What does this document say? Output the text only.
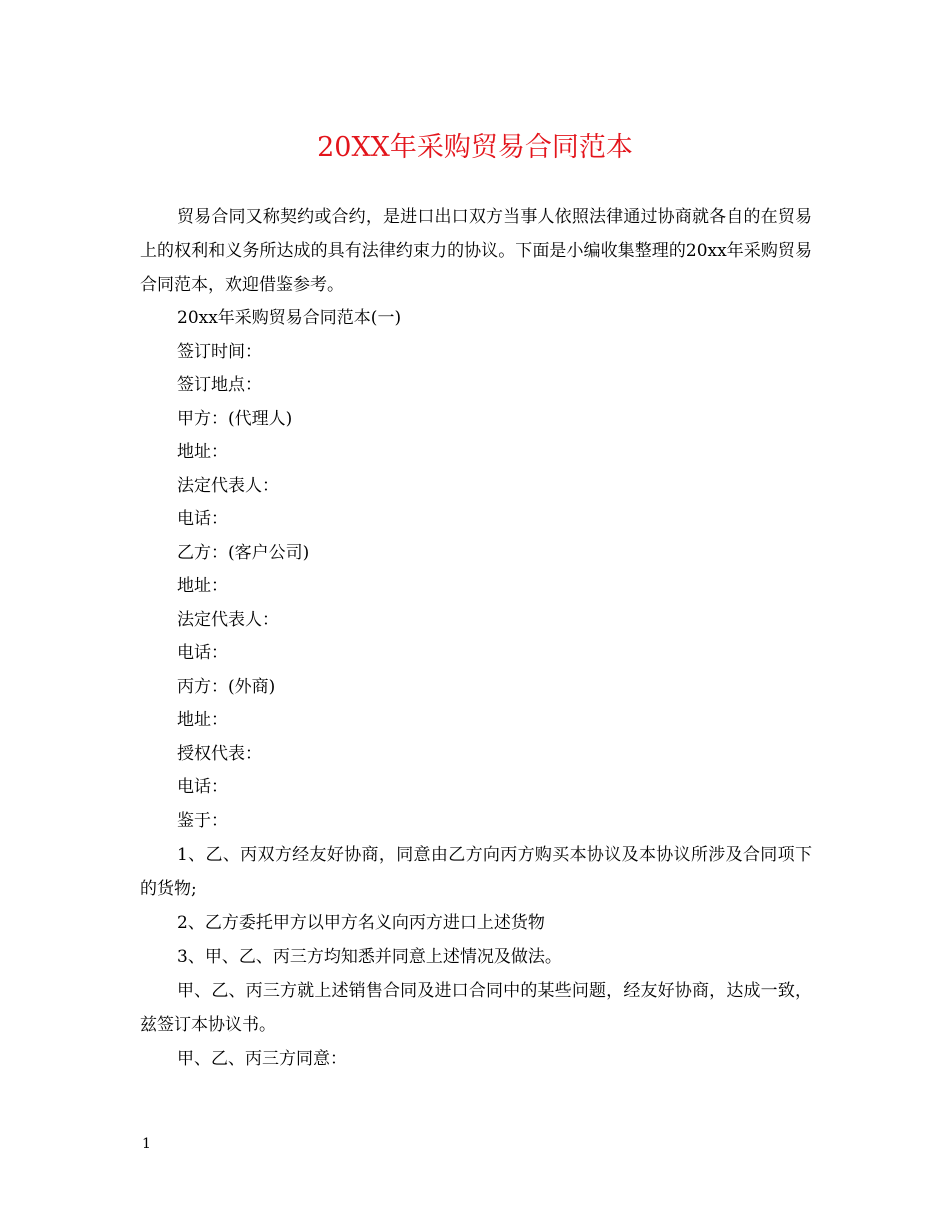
20XX年采购贸易合同范本

贸易合同又称契约或合约，是进口出口双方当事人依照法律通过协商就各自的在贸易上的权利和义务所达成的具有法律约束力的协议。下面是小编收集整理的20xx年采购贸易合同范本，欢迎借鉴参考。

20xx年采购贸易合同范本(一)

签订时间：

签订地点：

甲方：(代理人)

地址：

法定代表人：

电话：

乙方：(客户公司)

地址：

法定代表人：

电话：

丙方：(外商)

地址：

授权代表：

电话：

鉴于：

1、乙、丙双方经友好协商，同意由乙方向丙方购买本协议及本协议所涉及合同项下的货物;

2、乙方委托甲方以甲方名义向丙方进口上述货物

3、甲、乙、丙三方均知悉并同意上述情况及做法。

甲、乙、丙三方就上述销售合同及进口合同中的某些问题，经友好协商，达成一致，兹签订本协议书。

甲、乙、丙三方同意：

1
